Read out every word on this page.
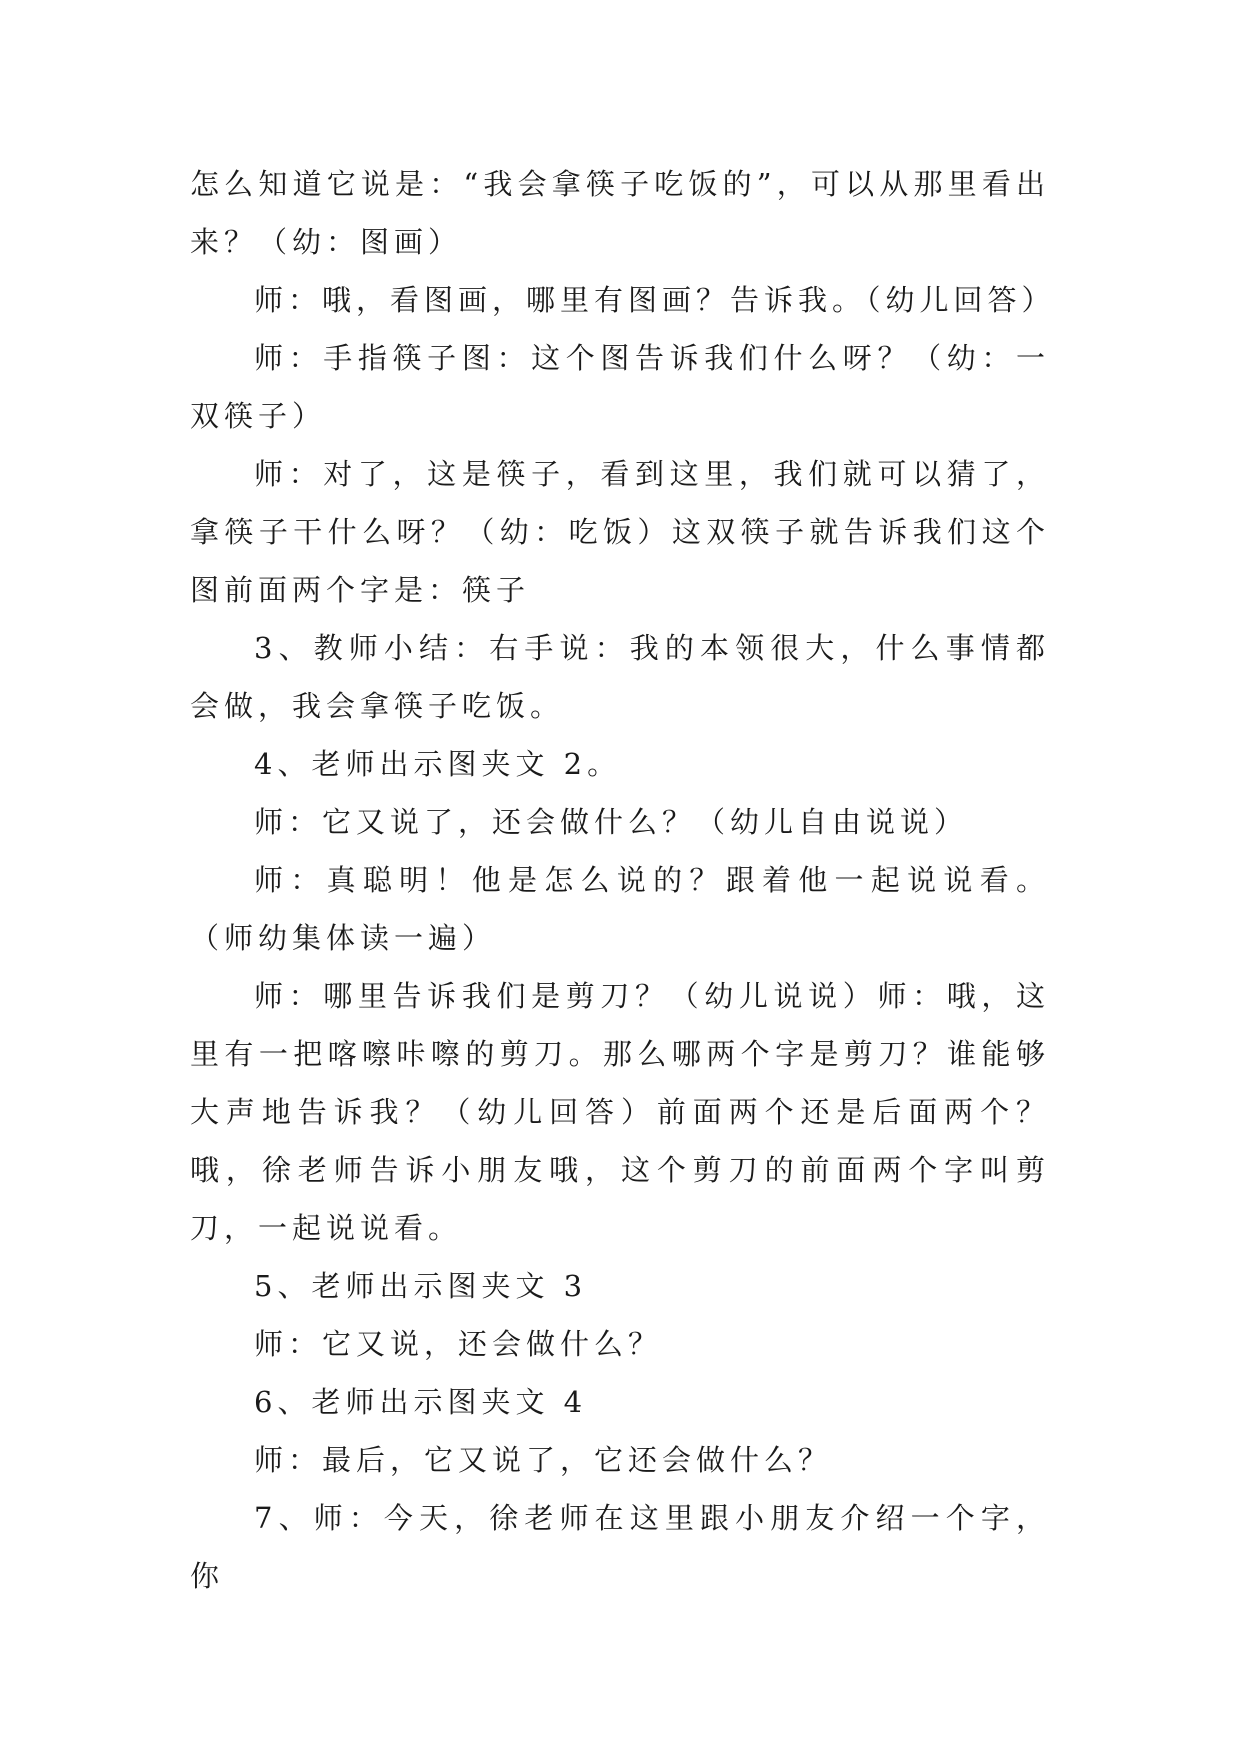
怎么知道它说是：“我会拿筷子吃饭的”，可以从那里看出来？（幼：图画）

师：哦，看图画，哪里有图画？告诉我。（幼儿回答）

师：手指筷子图：这个图告诉我们什么呀？（幼：一双筷子）

师：对了，这是筷子，看到这里，我们就可以猜了，拿筷子干什么呀？（幼：吃饭）这双筷子就告诉我们这个图前面两个字是：筷子

3、教师小结：右手说：我的本领很大，什么事情都会做，我会拿筷子吃饭。

4、老师出示图夹文 2。

师：它又说了，还会做什么？（幼儿自由说说）

师：真聪明！他是怎么说的？跟着他一起说说看。（师幼集体读一遍）

师：哪里告诉我们是剪刀？（幼儿说说）师：哦，这里有一把喀嚓咔嚓的剪刀。那么哪两个字是剪刀？谁能够大声地告诉我？（幼儿回答）前面两个还是后面两个？哦，徐老师告诉小朋友哦，这个剪刀的前面两个字叫剪刀，一起说说看。

5、老师出示图夹文 3

师：它又说，还会做什么？

6、老师出示图夹文 4

师：最后，它又说了，它还会做什么？

7、师：今天，徐老师在这里跟小朋友介绍一个字，你
